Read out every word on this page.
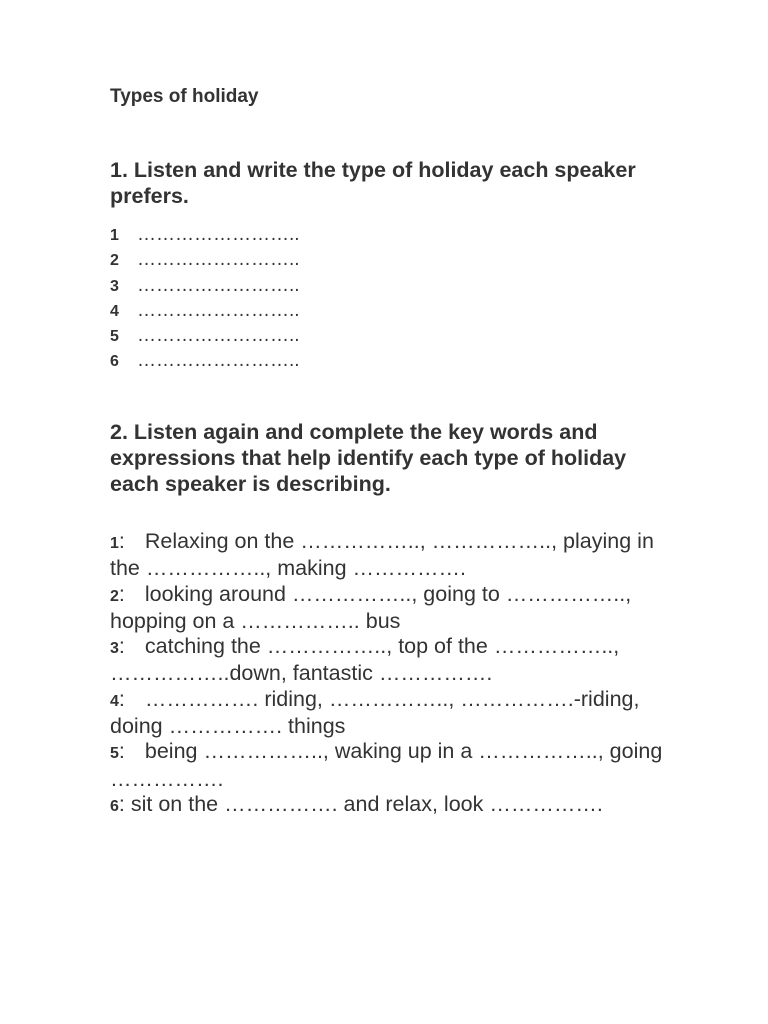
Types of holiday
1. Listen and write the type of holiday each speaker prefers.
1 ……………………..
2 ……………………..
3 ……………………..
4 ……………………..
5 ……………………..
6 ……………………..
2. Listen again and complete the key words and expressions that help identify each type of holiday each speaker is describing.
1: Relaxing on the …………….., …………….., playing in the …………….., making …………….
2: looking around …………….., going to …………….., hopping on a …………….. bus
3: catching the …………….., top of the …………….., ……………..down, fantastic …………….
4: ……………. riding, …………….., …………….-riding, doing ……………. things
5: being …………….., waking up in a …………….., going …………….
6: sit on the ……………. and relax, look …………….
